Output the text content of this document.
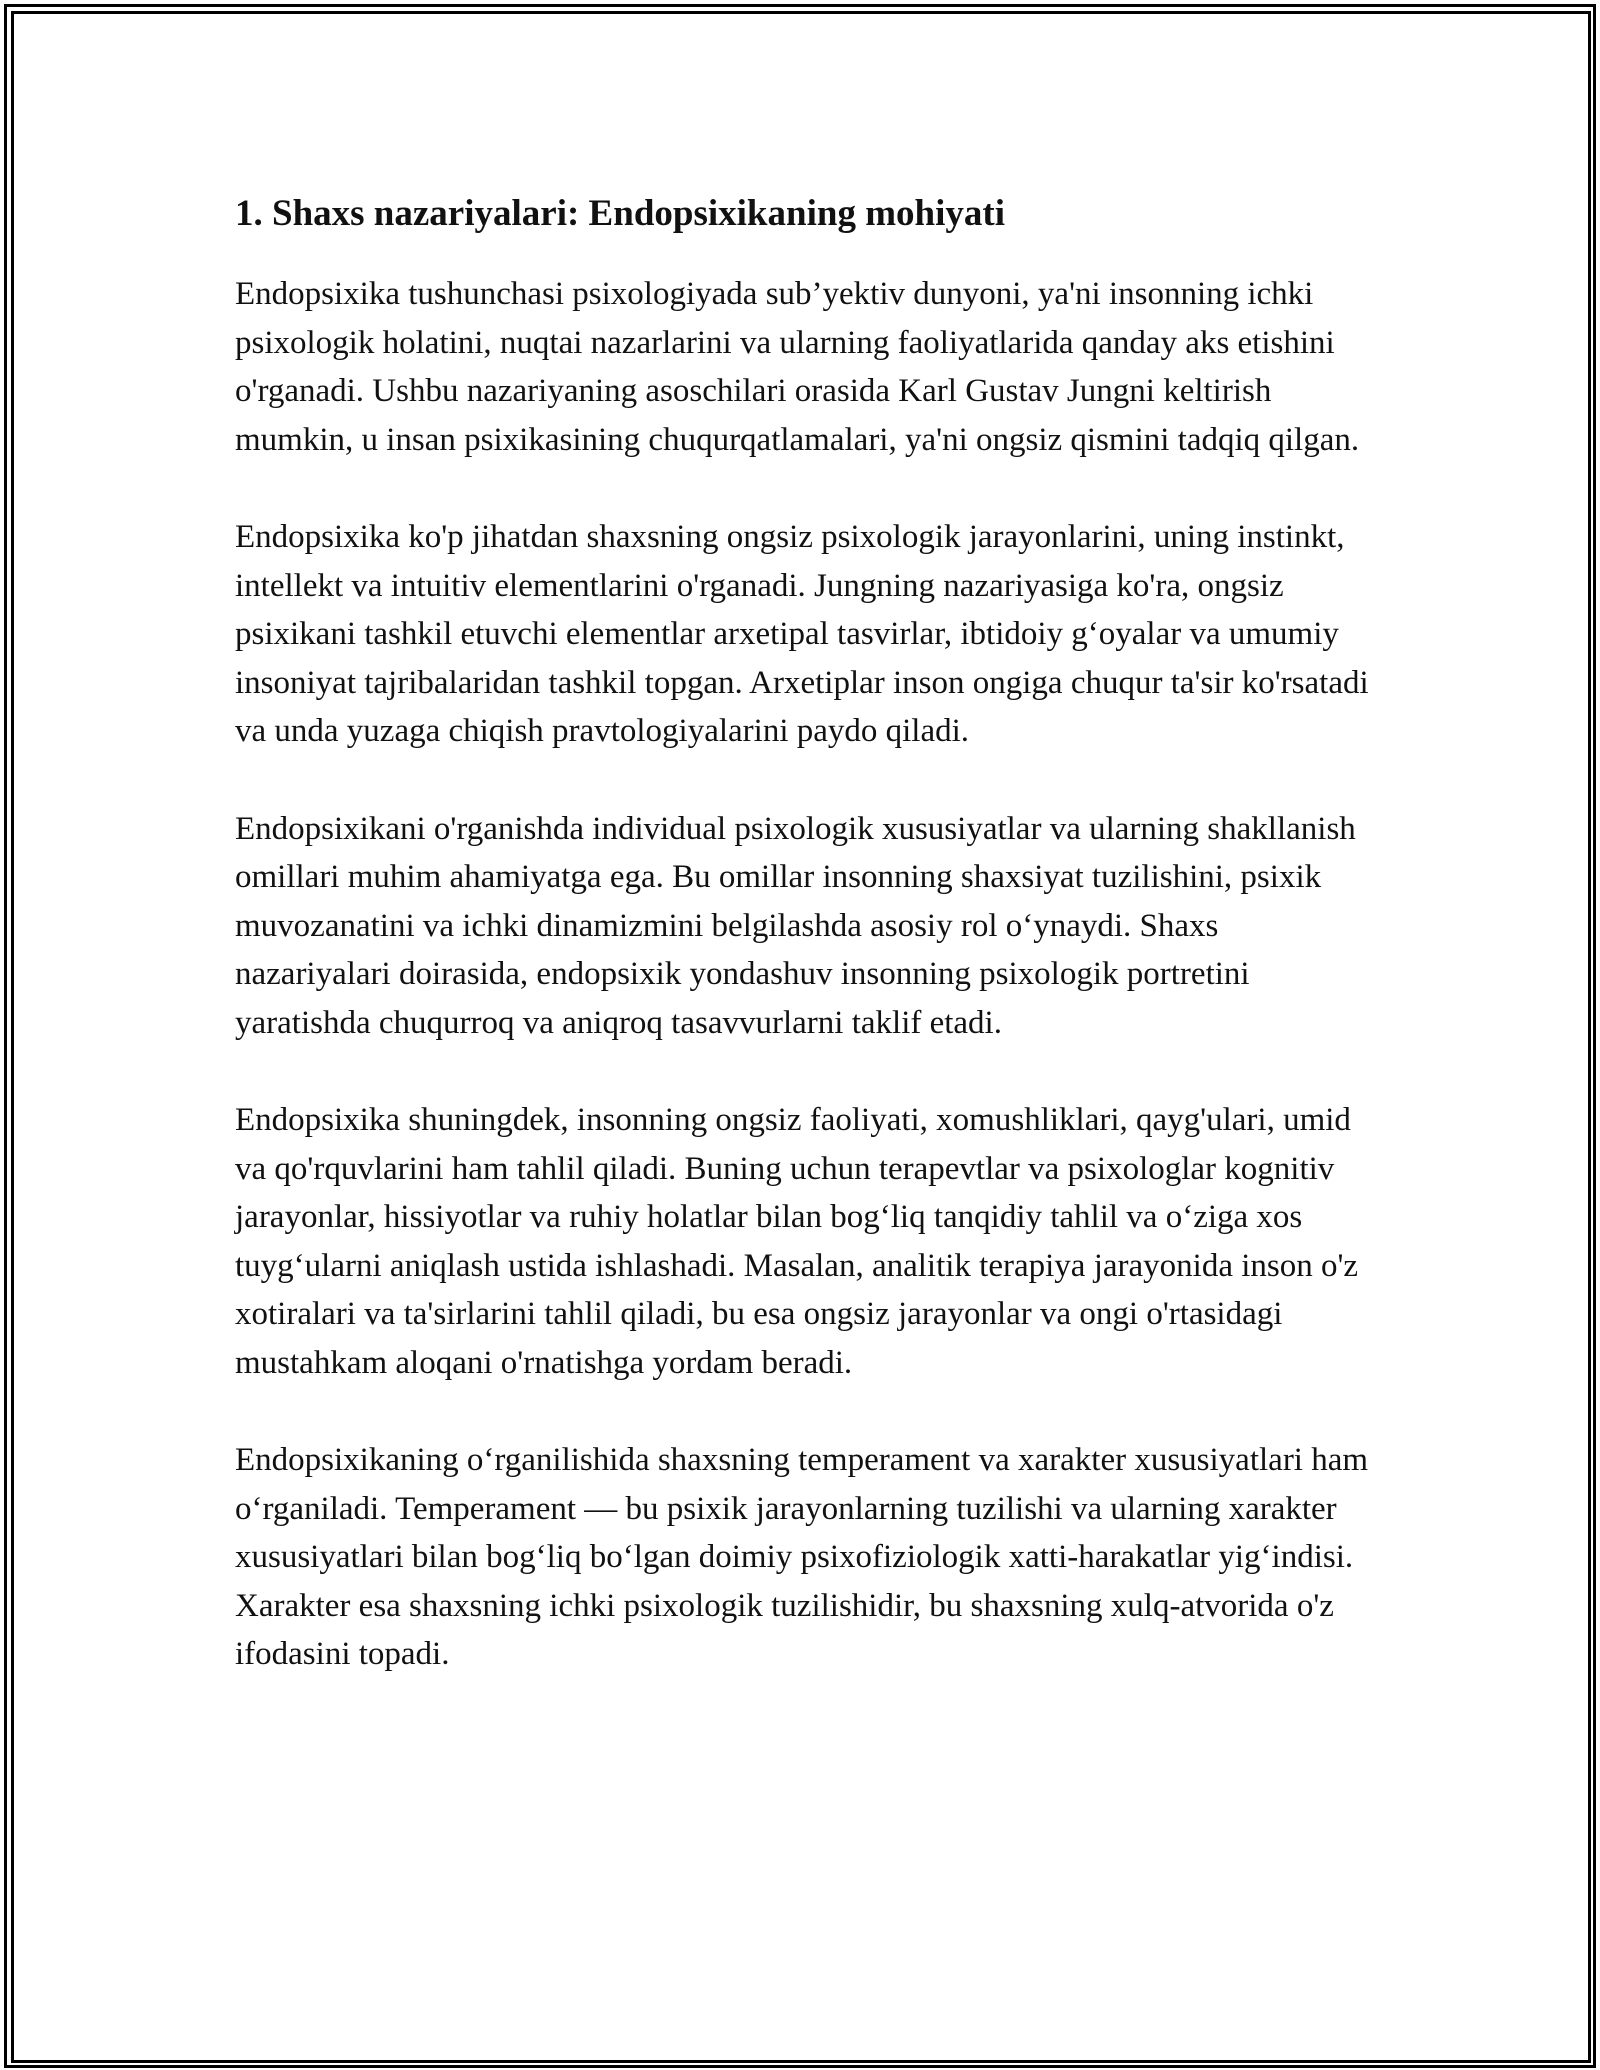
1. Shaxs nazariyalari: Endopsixikaning mohiyati

Endopsixika tushunchasi psixologiyada sub’yektiv dunyoni, ya'ni insonning ichki psixologik holatini, nuqtai nazarlarini va ularning faoliyatlarida qanday aks etishini o'rganadi. Ushbu nazariyaning asoschilari orasida Karl Gustav Jungni keltirish mumkin, u insan psixikasining chuqurqatlamalari, ya'ni ongsiz qismini tadqiq qilgan.

Endopsixika ko'p jihatdan shaxsning ongsiz psixologik jarayonlarini, uning instinkt, intellekt va intuitiv elementlarini o'rganadi. Jungning nazariyasiga ko'ra, ongsiz psixikani tashkil etuvchi elementlar arxetipal tasvirlar, ibtidoiy g‘oyalar va umumiy insoniyat tajribalaridan tashkil topgan. Arxetiplar inson ongiga chuqur ta'sir ko'rsatadi va unda yuzaga chiqish pravtologiyalarini paydo qiladi.

Endopsixikani o'rganishda individual psixologik xususiyatlar va ularning shakllanish omillari muhim ahamiyatga ega. Bu omillar insonning shaxsiyat tuzilishini, psixik muvozanatini va ichki dinamizmini belgilashda asosiy rol o‘ynaydi. Shaxs nazariyalari doirasida, endopsixik yondashuv insonning psixologik portretini yaratishda chuqurroq va aniqroq tasavvurlarni taklif etadi.

Endopsixika shuningdek, insonning ongsiz faoliyati, xomushliklari, qayg'ulari, umid va qo'rquvlarini ham tahlil qiladi. Buning uchun terapevtlar va psixologlar kognitiv jarayonlar, hissiyotlar va ruhiy holatlar bilan bog‘liq tanqidiy tahlil va o‘ziga xos tuyg‘ularni aniqlash ustida ishlashadi. Masalan, analitik terapiya jarayonida inson o'z xotiralari va ta'sirlarini tahlil qiladi, bu esa ongsiz jarayonlar va ongi o'rtasidagi mustahkam aloqani o'rnatishga yordam beradi.

Endopsixikaning o‘rganilishida shaxsning temperament va xarakter xususiyatlari ham o‘rganiladi. Temperament — bu psixik jarayonlarning tuzilishi va ularning xarakter xususiyatlari bilan bog‘liq bo‘lgan doimiy psixofiziologik xatti-harakatlar yig‘indisi. Xarakter esa shaxsning ichki psixologik tuzilishidir, bu shaxsning xulq-atvorida o'z ifodasini topadi.
